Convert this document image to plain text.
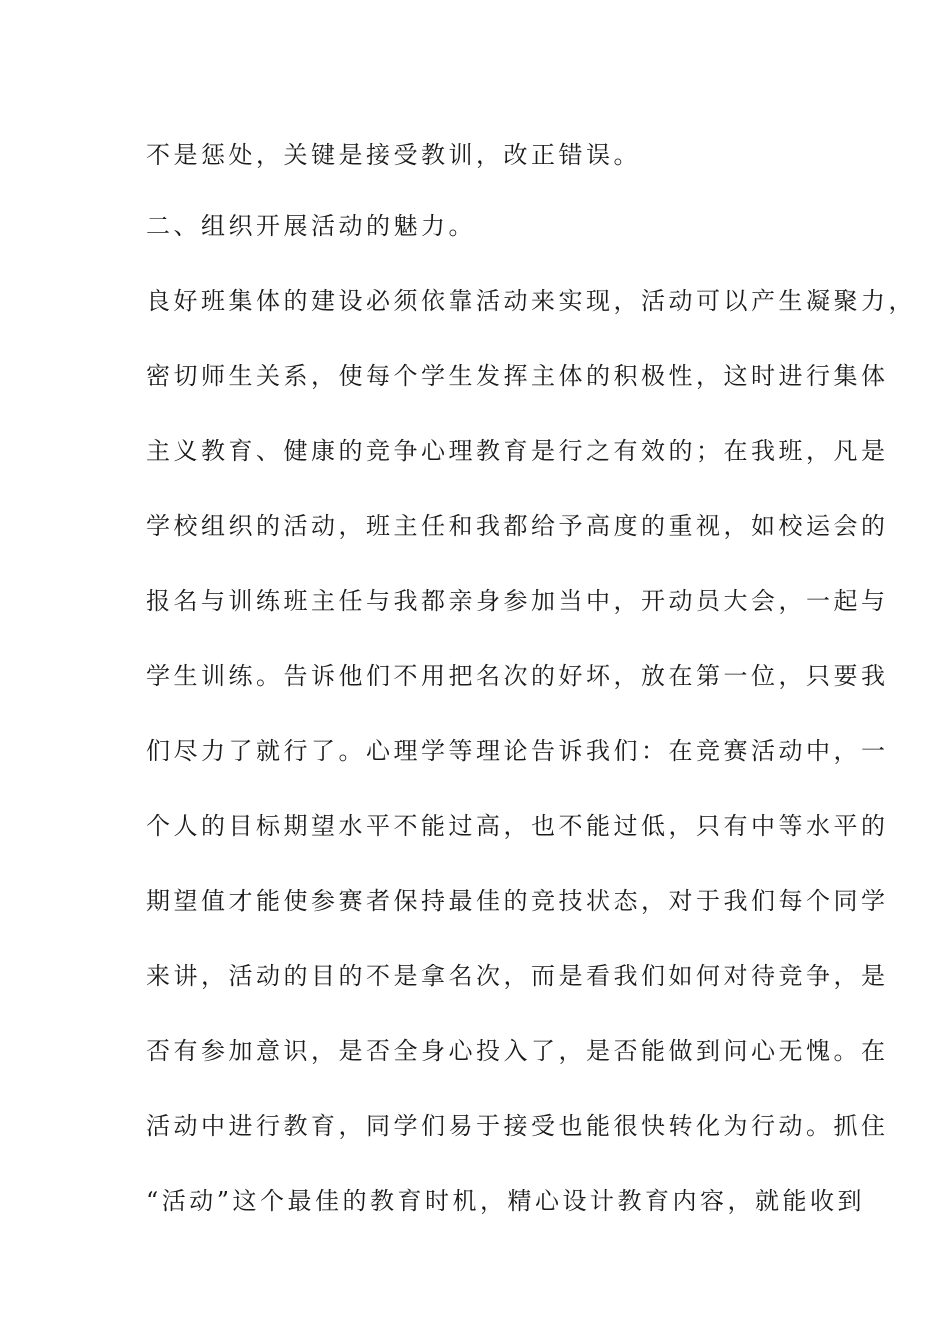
不是惩处，关键是接受教训，改正错误。
二、组织开展活动的魅力。
良好班集体的建设必须依靠活动来实现，活动可以产生凝聚力，
密切师生关系，使每个学生发挥主体的积极性，这时进行集体
主义教育、健康的竞争心理教育是行之有效的；在我班，凡是
学校组织的活动，班主任和我都给予高度的重视，如校运会的
报名与训练班主任与我都亲身参加当中，开动员大会，一起与
学生训练。告诉他们不用把名次的好坏，放在第一位，只要我
们尽力了就行了。心理学等理论告诉我们：在竞赛活动中，一
个人的目标期望水平不能过高，也不能过低，只有中等水平的
期望值才能使参赛者保持最佳的竞技状态，对于我们每个同学
来讲，活动的目的不是拿名次，而是看我们如何对待竞争，是
否有参加意识，是否全身心投入了，是否能做到问心无愧。在
活动中进行教育，同学们易于接受也能很快转化为行动。抓住
“活动”这个最佳的教育时机，精心设计教育内容，就能收到
